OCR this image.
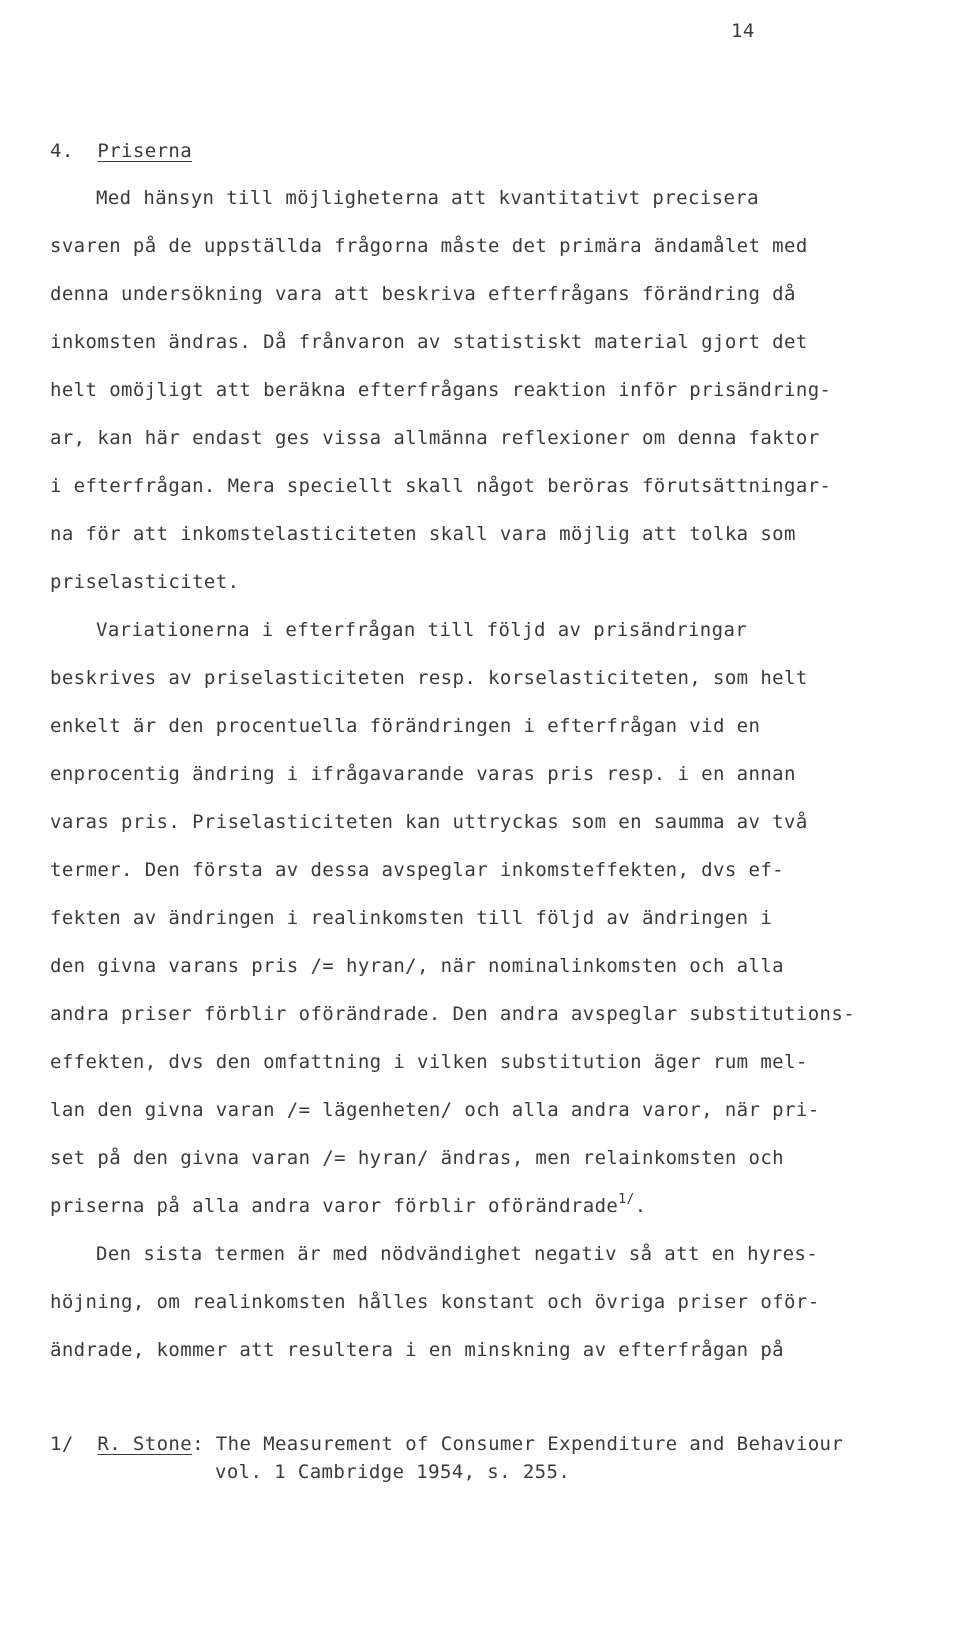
14
4. Priserna
Med hänsyn till möjligheterna att kvantitativt precisera
svaren på de uppställda frågorna måste det primära ändamålet med
denna undersökning vara att beskriva efterfrågans förändring då
inkomsten ändras. Då frånvaron av statistiskt material gjort det
helt omöjligt att beräkna efterfrågans reaktion inför prisändring-
ar, kan här endast ges vissa allmänna reflexioner om denna faktor
i efterfrågan. Mera speciellt skall något beröras förutsättningar-
na för att inkomstelasticiteten skall vara möjlig att tolka som
priselasticitet.
Variationerna i efterfrågan till följd av prisändringar
beskrives av priselasticiteten resp. korselasticiteten, som helt
enkelt är den procentuella förändringen i efterfrågan vid en
enprocentig ändring i ifrågavarande varas pris resp. i en annan
varas pris. Priselasticiteten kan uttryckas som en saumma av två
termer. Den första av dessa avspeglar inkomsteffekten, dvs ef-
fekten av ändringen i realinkomsten till följd av ändringen i
den givna varans pris /= hyran/, när nominalinkomsten och alla
andra priser förblir oförändrade. Den andra avspeglar substitutions-
effekten, dvs den omfattning i vilken substitution äger rum mel-
lan den givna varan /= lägenheten/ och alla andra varor, när pri-
set på den givna varan /= hyran/ ändras, men relainkomsten och
priserna på alla andra varor förblir oförändrade$^{1/}$.
Den sista termen är med nödvändighet negativ så att en hyres-
höjning, om realinkomsten hålles konstant och övriga priser oför-
ändrade, kommer att resultera i en minskning av efterfrågan på
1/ R. Stone: The Measurement of Consumer Expenditure and Behaviour
vol. 1 Cambridge 1954, s. 255.
